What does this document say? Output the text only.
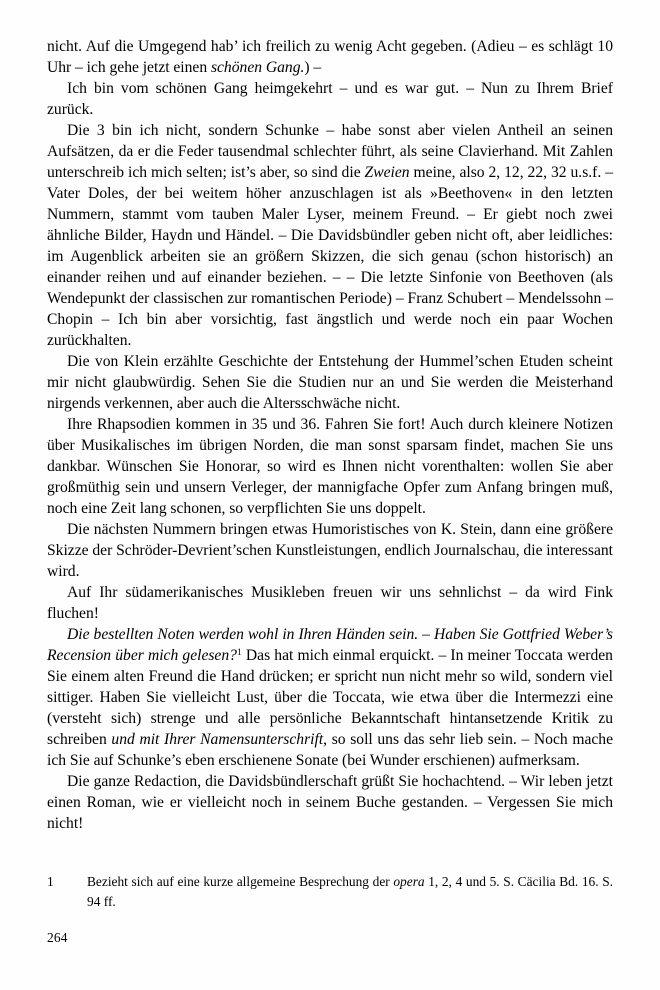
nicht. Auf die Umgegend hab’ ich freilich zu wenig Acht gegeben. (Adieu – es schlägt 10 Uhr – ich gehe jetzt einen schönen Gang.) –

Ich bin vom schönen Gang heimgekehrt – und es war gut. – Nun zu Ihrem Brief zurück.

Die 3 bin ich nicht, sondern Schunke – habe sonst aber vielen Antheil an seinen Aufsätzen, da er die Feder tausendmal schlechter führt, als seine Clavierhand. Mit Zahlen unterschreib ich mich selten; ist’s aber, so sind die Zweien meine, also 2, 12, 22, 32 u.s.f. – Vater Doles, der bei weitem höher anzuschlagen ist als »Beethoven« in den letzten Nummern, stammt vom tauben Maler Lyser, meinem Freund. – Er giebt noch zwei ähnliche Bilder, Haydn und Händel. – Die Davidsbündler geben nicht oft, aber leidliches: im Augenblick arbeiten sie an größern Skizzen, die sich genau (schon historisch) an einander reihen und auf einander beziehen. – – Die letzte Sinfonie von Beethoven (als Wendepunkt der classischen zur romantischen Periode) – Franz Schubert – Mendelssohn – Chopin – Ich bin aber vorsichtig, fast ängstlich und werde noch ein paar Wochen zurückhalten.

Die von Klein erzählte Geschichte der Entstehung der Hummel’schen Etuden scheint mir nicht glaubwürdig. Sehen Sie die Studien nur an und Sie werden die Meisterhand nirgends verkennen, aber auch die Altersschwäche nicht.

Ihre Rhapsodien kommen in 35 und 36. Fahren Sie fort! Auch durch kleinere Notizen über Musikalisches im übrigen Norden, die man sonst sparsam findet, machen Sie uns dankbar. Wünschen Sie Honorar, so wird es Ihnen nicht vorenthalten: wollen Sie aber großmüthig sein und unsern Verleger, der mannigfache Opfer zum Anfang bringen muß, noch eine Zeit lang schonen, so verpflichten Sie uns doppelt.

Die nächsten Nummern bringen etwas Humoristisches von K. Stein, dann eine größere Skizze der Schröder-Devrient’schen Kunstleistungen, endlich Journalschau, die interessant wird.

Auf Ihr südamerikanisches Musikleben freuen wir uns sehnlichst – da wird Fink fluchen!

Die bestellten Noten werden wohl in Ihren Händen sein. – Haben Sie Gottfried Weber’s Recension über mich gelesen?$^1$ Das hat mich einmal erquickt. – In meiner Toccata werden Sie einem alten Freund die Hand drücken; er spricht nun nicht mehr so wild, sondern viel sittiger. Haben Sie vielleicht Lust, über die Toccata, wie etwa über die Intermezzi eine (versteht sich) strenge und alle persönliche Bekanntschaft hintansetzende Kritik zu schreiben und mit Ihrer Namensunterschrift, so soll uns das sehr lieb sein. – Noch mache ich Sie auf Schunke’s eben erschienene Sonate (bei Wunder erschienen) aufmerksam.

Die ganze Redaction, die Davidsbündlerschaft grüßt Sie hochachtend. – Wir leben jetzt einen Roman, wie er vielleicht noch in seinem Buche gestanden. – Vergessen Sie mich nicht!

1	Bezieht sich auf eine kurze allgemeine Besprechung der opera 1, 2, 4 und 5. S. Cäcilia Bd. 16. S. 94 ff.
264
